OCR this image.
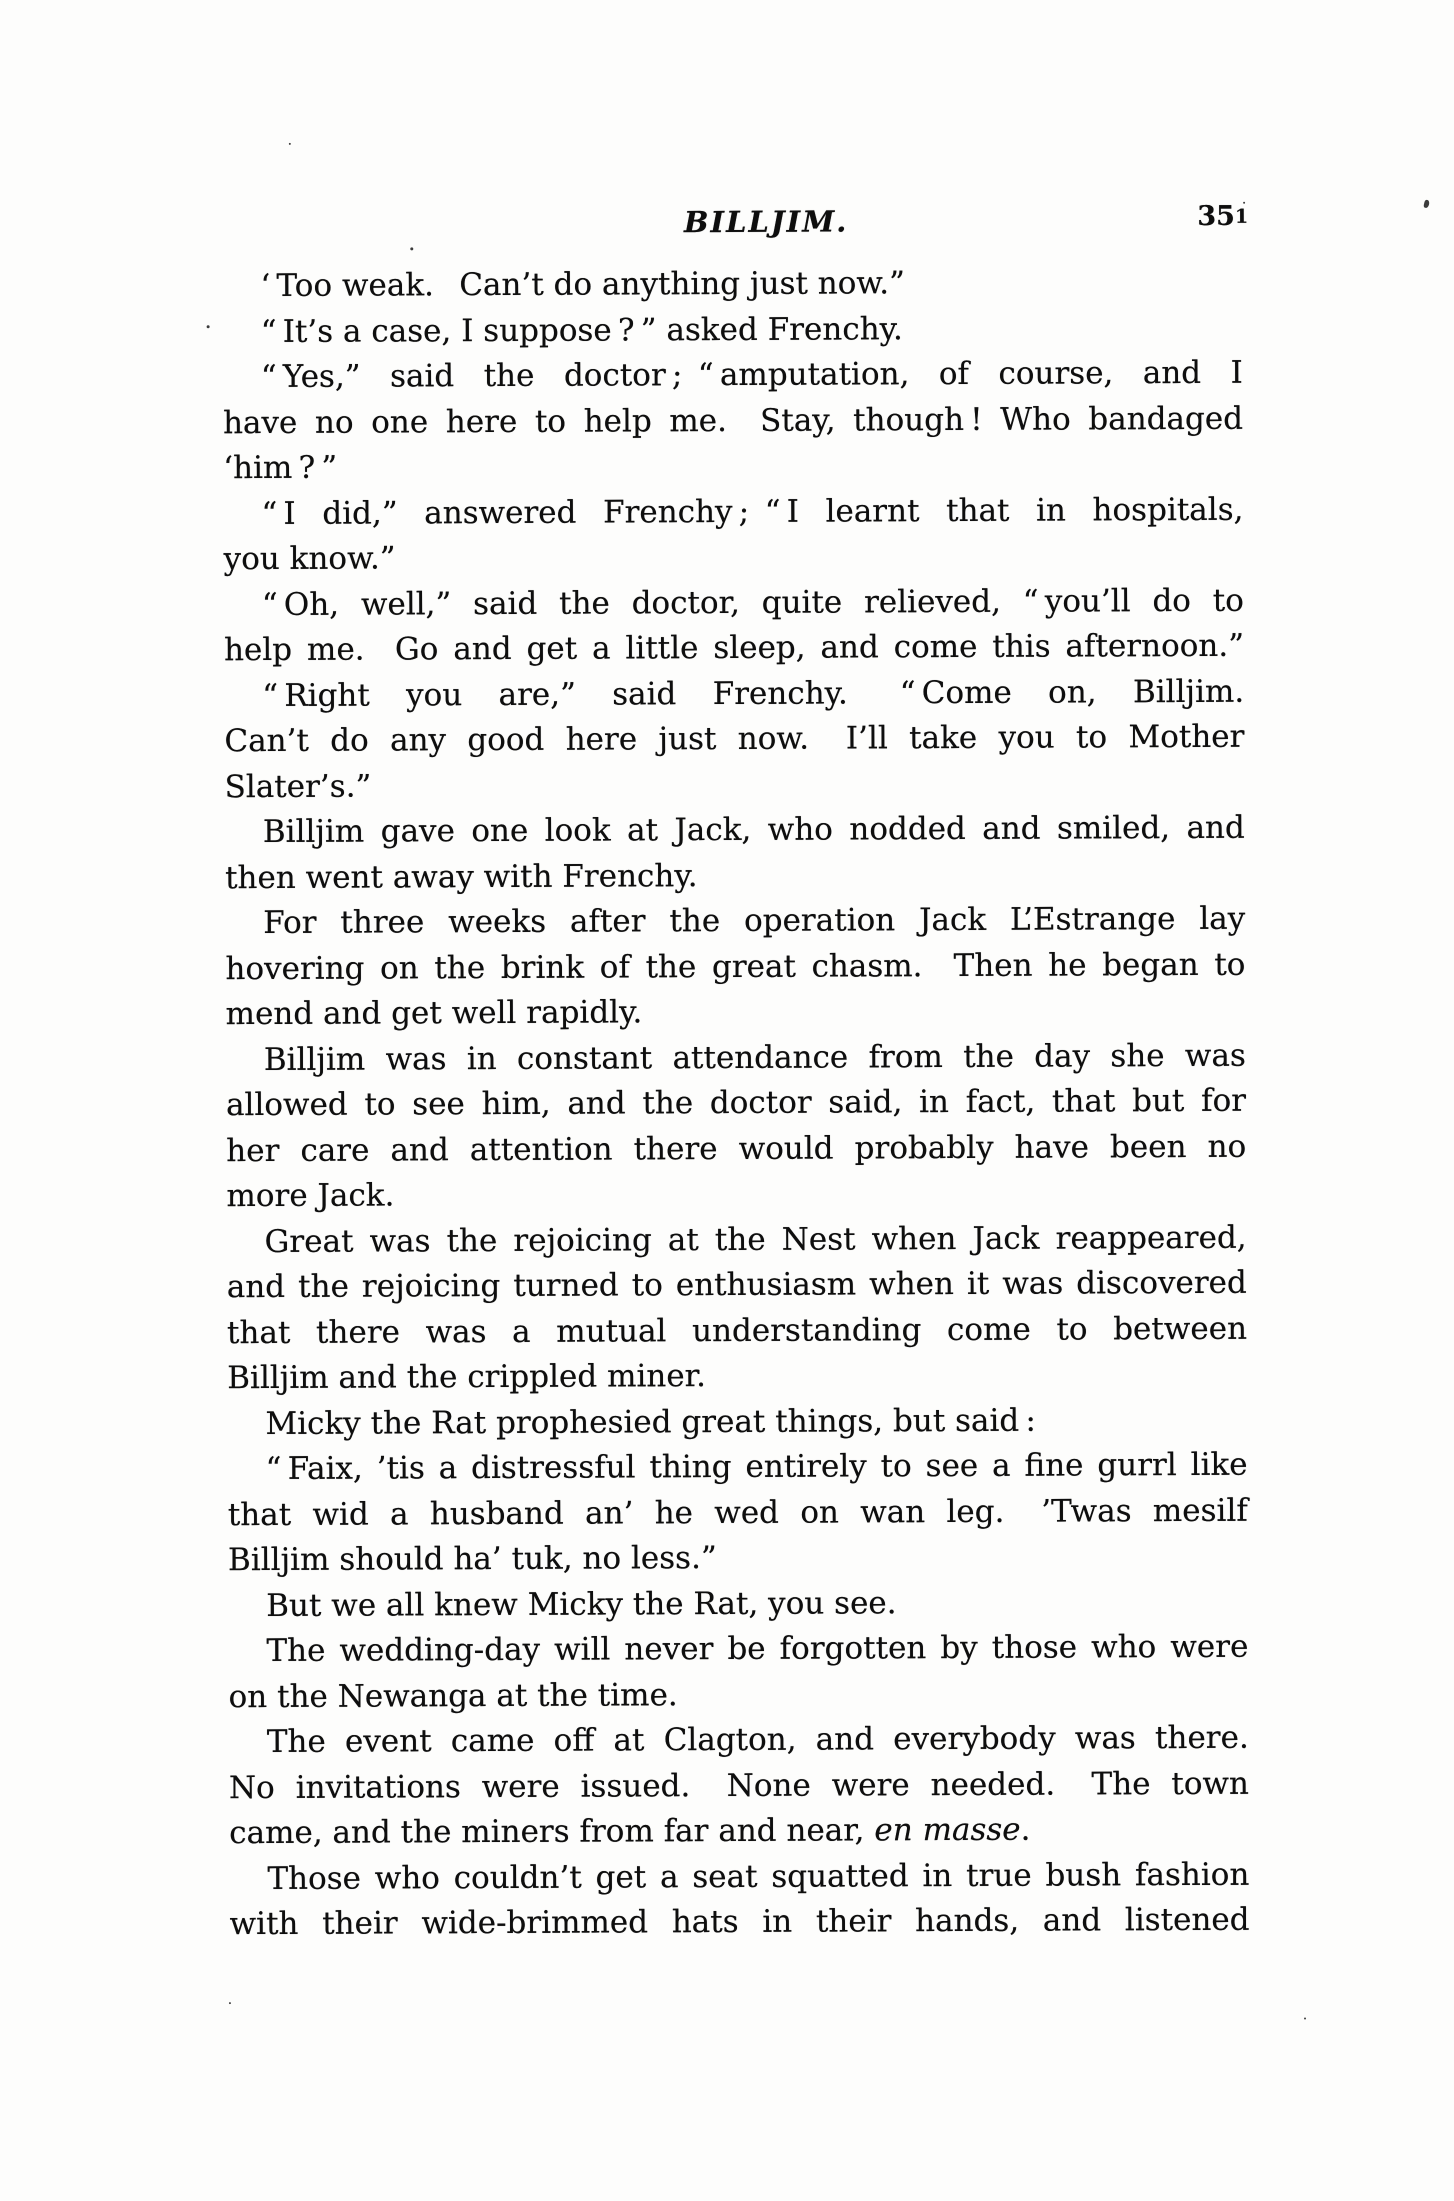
BILLJIM.	351
‘ Too weak.  Can’t do anything just now.”
“ It’s a case, I suppose ? ” asked Frenchy.
“ Yes,” said the doctor ; “ amputation, of course, and I
have no one here to help me.  Stay, though ! Who bandaged
‘him ? ”
“ I did,” answered Frenchy ; “ I learnt that in hospitals,
you know.”
“ Oh, well,” said the doctor, quite relieved, “ you’ll do to
help me.  Go and get a little sleep, and come this afternoon.”
“ Right you are,” said Frenchy.  “ Come on, Billjim.
Can’t do any good here just now.  I’ll take you to Mother
Slater’s.”
Billjim gave one look at Jack, who nodded and smiled, and
then went away with Frenchy.
For three weeks after the operation Jack L’Estrange lay
hovering on the brink of the great chasm.  Then he began to
mend and get well rapidly.
Billjim was in constant attendance from the day she was
allowed to see him, and the doctor said, in fact, that but for
her care and attention there would probably have been no
more Jack.
Great was the rejoicing at the Nest when Jack reappeared,
and the rejoicing turned to enthusiasm when it was discovered
that there was a mutual understanding come to between
Billjim and the crippled miner.
Micky the Rat prophesied great things, but said :
“ Faix, ’tis a distressful thing entirely to see a fine gurrl like
that wid a husband an’ he wed on wan leg.  ’Twas mesilf
Billjim should ha’ tuk, no less.”
But we all knew Micky the Rat, you see.
The wedding-day will never be forgotten by those who were
on the Newanga at the time.
The event came off at Clagton, and everybody was there.
No invitations were issued.  None were needed.  The town
came, and the miners from far and near, en masse.
Those who couldn’t get a seat squatted in true bush fashion
with their wide-brimmed hats in their hands, and listened
